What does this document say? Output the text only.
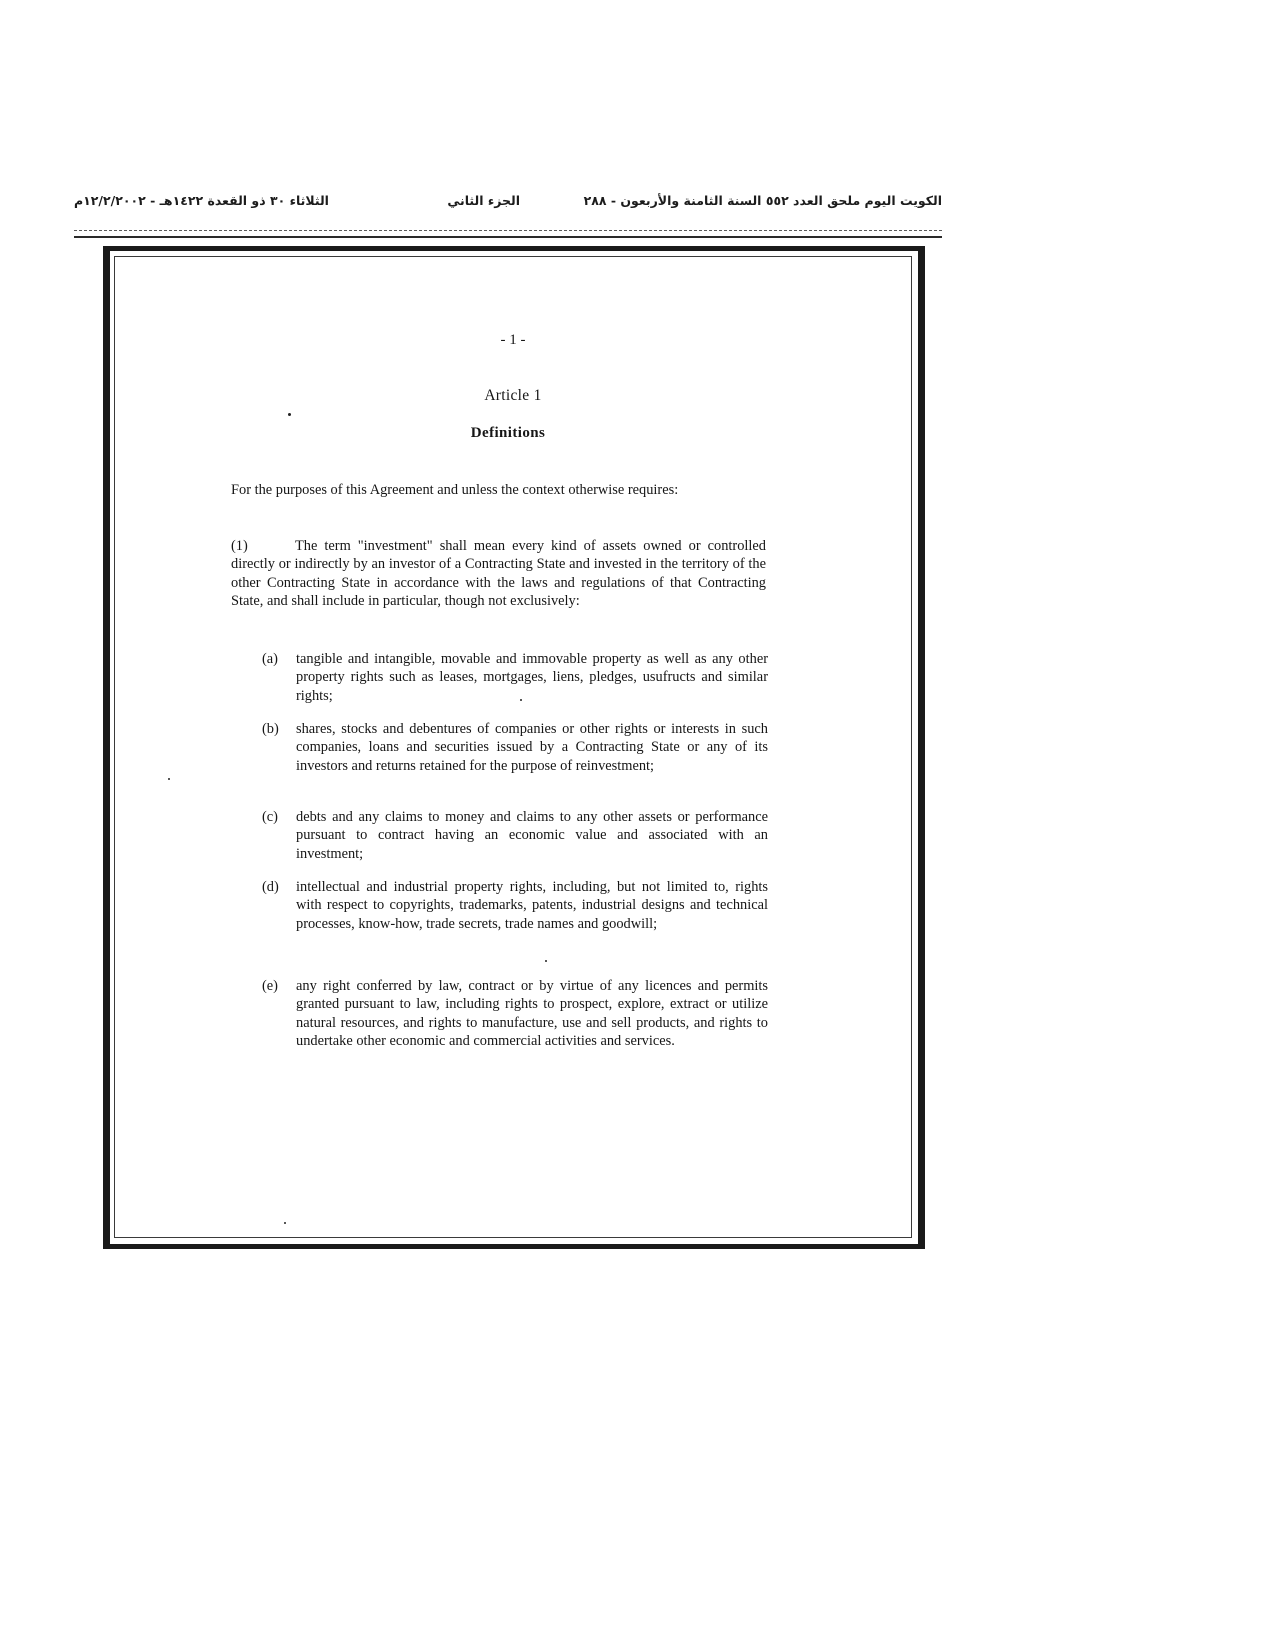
الكويت اليوم ملحق العدد ٥٥٢ السنة الثامنة والأربعون - ٢٨٨
الجزء الثاني
الثلاثاء ٣٠ ذو القعدة ١٤٢٢هـ - ١٢/٢/٢٠٠٢م
- 1 -
Article 1
Definitions
For the purposes of this Agreement and unless the context otherwise requires:
(1)	The term "investment" shall mean every kind of assets owned or controlled directly or indirectly by an investor of a Contracting State and invested in the territory of the other Contracting State in accordance with the laws and regulations of that Contracting State, and shall include in particular, though not exclusively:
(a) tangible and intangible, movable and immovable property as well as any other property rights such as leases, mortgages, liens, pledges, usufructs and similar rights;
(b) shares, stocks and debentures of companies or other rights or interests in such companies, loans and securities issued by a Contracting State or any of its investors and returns retained for the purpose of reinvestment;
(c) debts and any claims to money and claims to any other assets or performance pursuant to contract having an economic value and associated with an investment;
(d) intellectual and industrial property rights, including, but not limited to, rights with respect to copyrights, trademarks, patents, industrial designs and technical processes, know-how, trade secrets, trade names and goodwill;
(e) any right conferred by law, contract or by virtue of any licences and permits granted pursuant to law, including rights to prospect, explore, extract or utilize natural resources, and rights to manufacture, use and sell products, and rights to undertake other economic and commercial activities and services.
